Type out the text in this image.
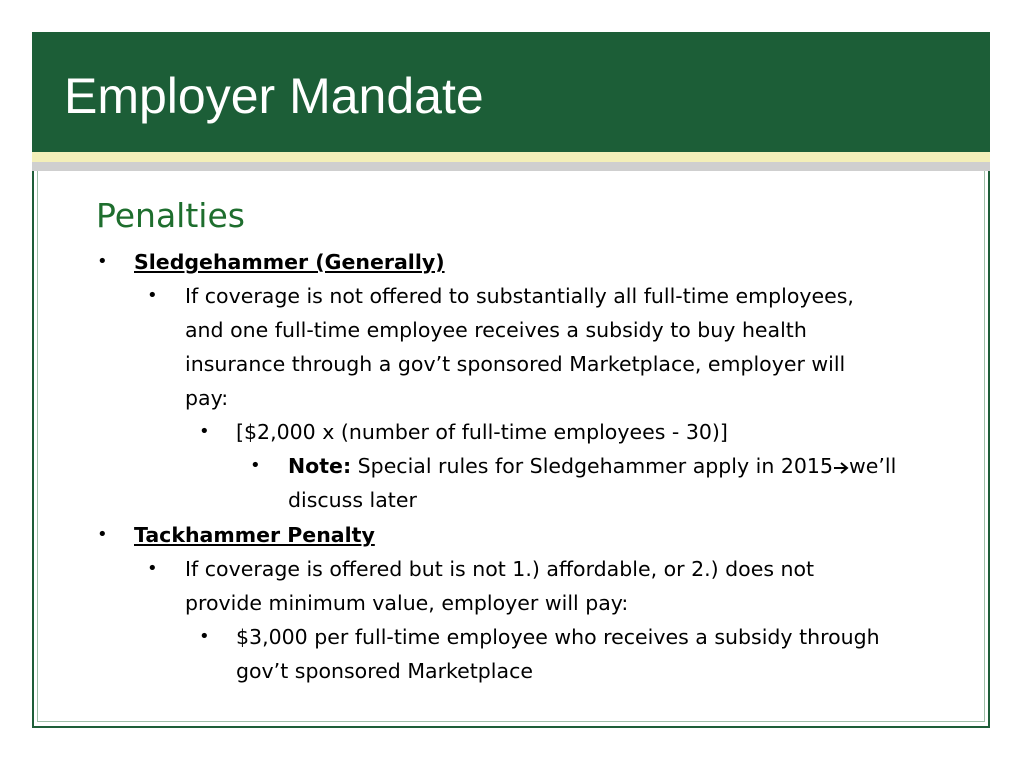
Employer Mandate
Penalties
• Sledgehammer (Generally)
• If coverage is not offered to substantially all full-time employees,
and one full-time employee receives a subsidy to buy health
insurance through a gov’t sponsored Marketplace, employer will
pay:
• [$2,000 x (number of full-time employees - 30)]
• Note: Special rules for Sledgehammer apply in 2015 we’ll
discuss later
• Tackhammer Penalty
• If coverage is offered but is not 1.) affordable, or 2.) does not
provide minimum value, employer will pay:
• $3,000 per full-time employee who receives a subsidy through
gov’t sponsored Marketplace
